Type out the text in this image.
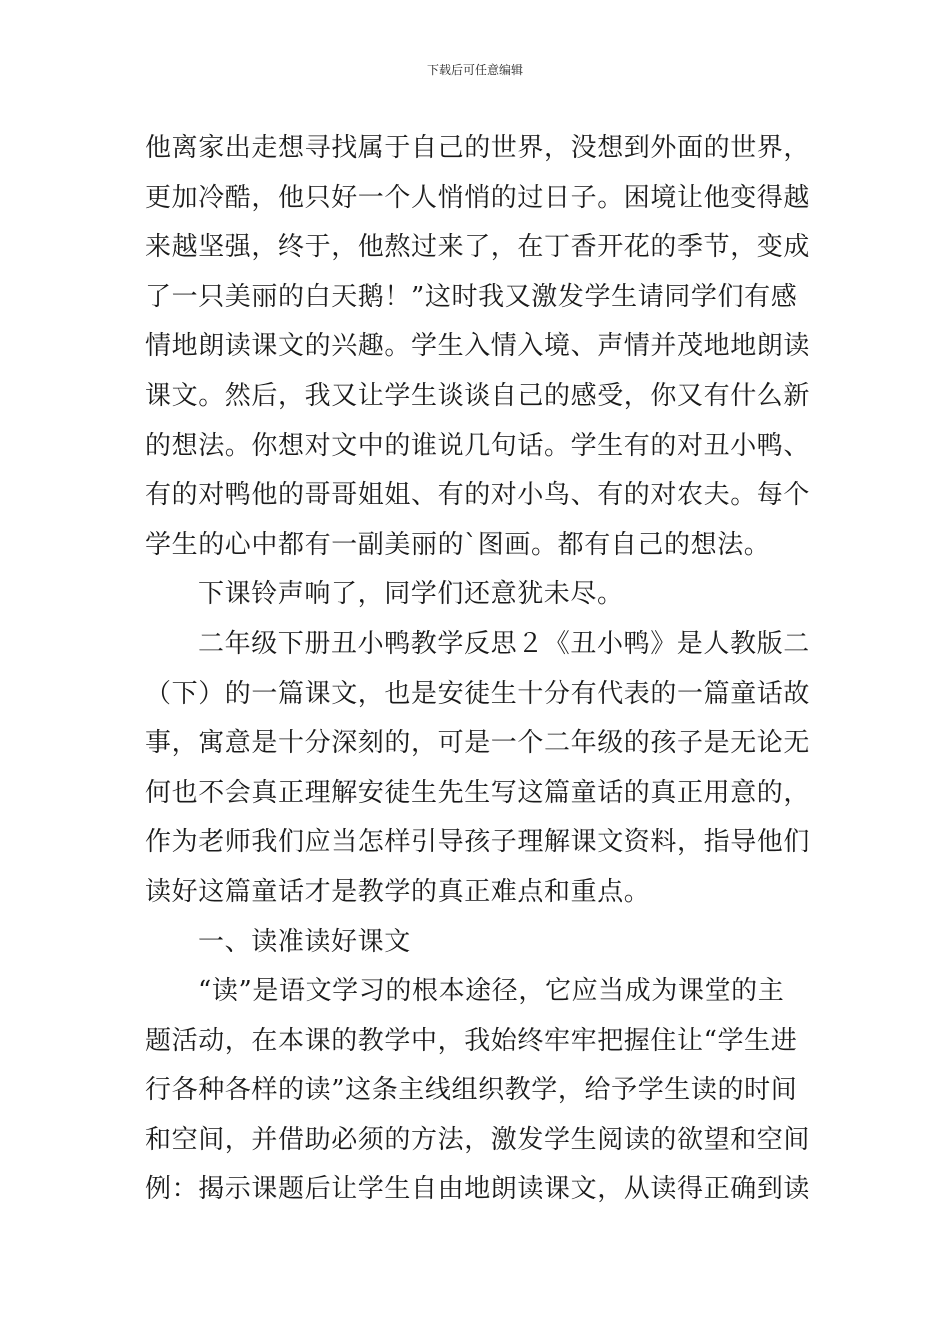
下载后可任意编辑
他离家出走想寻找属于自己的世界，没想到外面的世界，
更加冷酷，他只好一个人悄悄的过日子。困境让他变得越
来越坚强，终于，他熬过来了，在丁香开花的季节，变成
了一只美丽的白天鹅！”这时我又激发学生请同学们有感
情地朗读课文的兴趣。学生入情入境、声情并茂地地朗读
课文。然后，我又让学生谈谈自己的感受，你又有什么新
的想法。你想对文中的谁说几句话。学生有的对丑小鸭、
有的对鸭他的哥哥姐姐、有的对小鸟、有的对农夫。每个
学生的心中都有一副美丽的`图画。都有自己的想法。
下课铃声响了，同学们还意犹未尽。
二年级下册丑小鸭教学反思２《丑小鸭》是人教版二
（下）的一篇课文，也是安徒生十分有代表的一篇童话故
事，寓意是十分深刻的，可是一个二年级的孩子是无论无
何也不会真正理解安徒生先生写这篇童话的真正用意的，
作为老师我们应当怎样引导孩子理解课文资料，指导他们
读好这篇童话才是教学的真正难点和重点。
一、读准读好课文
“读”是语文学习的根本途径，它应当成为课堂的主
题活动，在本课的教学中，我始终牢牢把握住让“学生进
行各种各样的读”这条主线组织教学，给予学生读的时间
和空间，并借助必须的方法，激发学生阅读的欲望和空间
例：揭示课题后让学生自由地朗读课文，从读得正确到读
